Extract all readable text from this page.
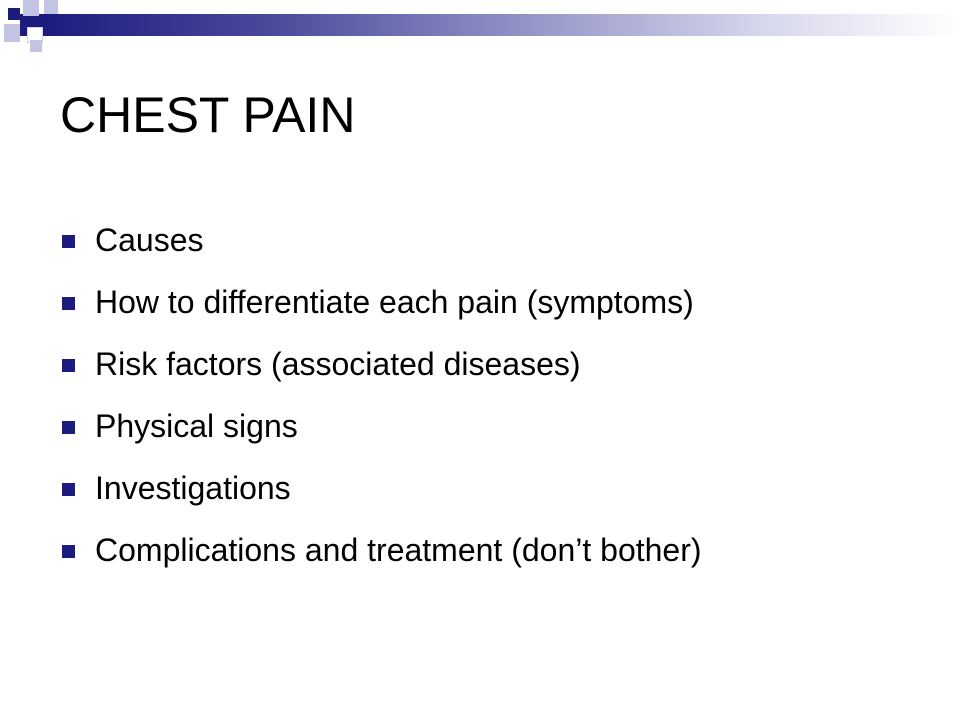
CHEST PAIN
Causes
How to differentiate each pain (symptoms)
Risk factors (associated diseases)
Physical signs
Investigations
Complications and treatment (don’t bother)
